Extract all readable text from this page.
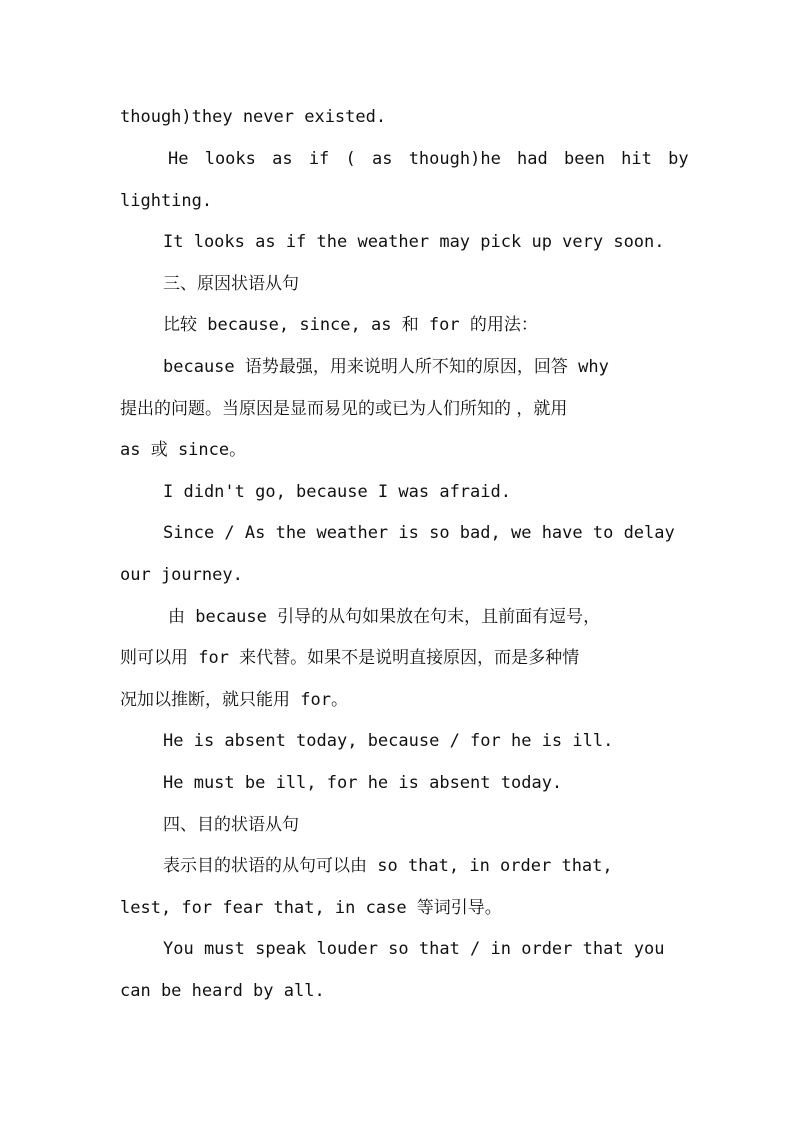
though)they never existed.
He looks as if ( as though)he had been hit by
lighting.
It looks as if the weather may pick up very soon.
三、原因状语从句
比较 because, since, as 和 for 的用法：
because 语势最强，用来说明人所不知的原因，回答 why
提出的问题。当原因是显而易见的或已为人们所知的 ，就用
as 或 since。
I didn't go, because I was afraid.
Since / As the weather is so bad, we have to delay
our journey.
由 because 引导的从句如果放在句末，且前面有逗号，
则可以用 for 来代替。如果不是说明直接原因，而是多种情
况加以推断，就只能用 for。
He is absent today, because / for he is ill.
He must be ill, for he is absent today.
四、目的状语从句
表示目的状语的从句可以由 so that, in order that,
lest, for fear that, in case 等词引导。
You must speak louder so that / in order that you
can be heard by all.
